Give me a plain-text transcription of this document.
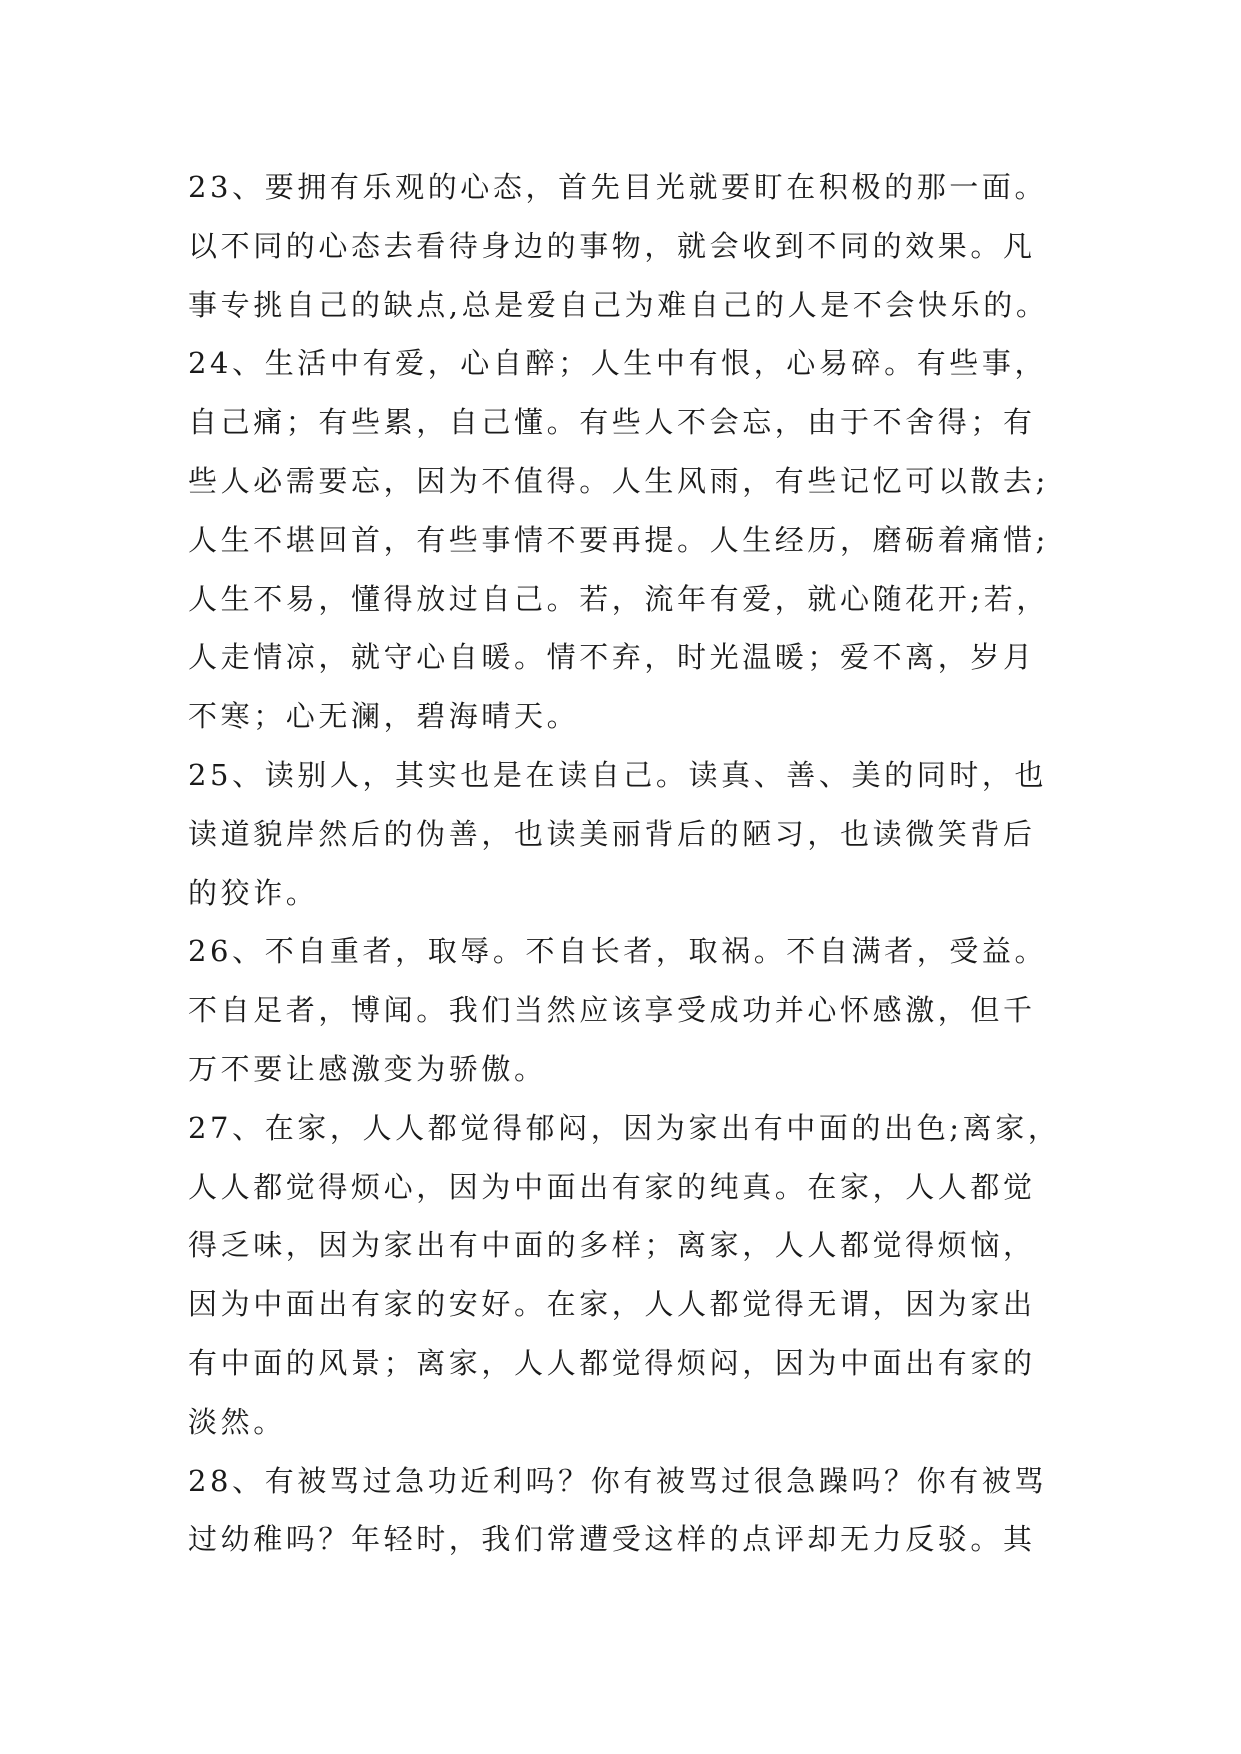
23、要拥有乐观的心态，首先目光就要盯在积极的那一面。
以不同的心态去看待身边的事物，就会收到不同的效果。凡
事专挑自己的缺点,总是爱自己为难自己的人是不会快乐的。
24、生活中有爱，心自醉；人生中有恨，心易碎。有些事，
自己痛；有些累，自己懂。有些人不会忘，由于不舍得；有
些人必需要忘，因为不值得。人生风雨，有些记忆可以散去;
人生不堪回首，有些事情不要再提。人生经历，磨砺着痛惜;
人生不易，懂得放过自己。若，流年有爱，就心随花开;若，
人走情凉，就守心自暖。情不弃，时光温暖；爱不离，岁月
不寒；心无澜，碧海晴天。
25、读别人，其实也是在读自己。读真、善、美的同时，也
读道貌岸然后的伪善，也读美丽背后的陋习，也读微笑背后
的狡诈。
26、不自重者，取辱。不自长者，取祸。不自满者，受益。
不自足者，博闻。我们当然应该享受成功并心怀感激，但千
万不要让感激变为骄傲。
27、在家，人人都觉得郁闷，因为家出有中面的出色;离家，
人人都觉得烦心，因为中面出有家的纯真。在家，人人都觉
得乏味，因为家出有中面的多样；离家，人人都觉得烦恼，
因为中面出有家的安好。在家，人人都觉得无谓，因为家出
有中面的风景；离家，人人都觉得烦闷，因为中面出有家的
淡然。
28、有被骂过急功近利吗？你有被骂过很急躁吗？你有被骂
过幼稚吗？年轻时，我们常遭受这样的点评却无力反驳。其
